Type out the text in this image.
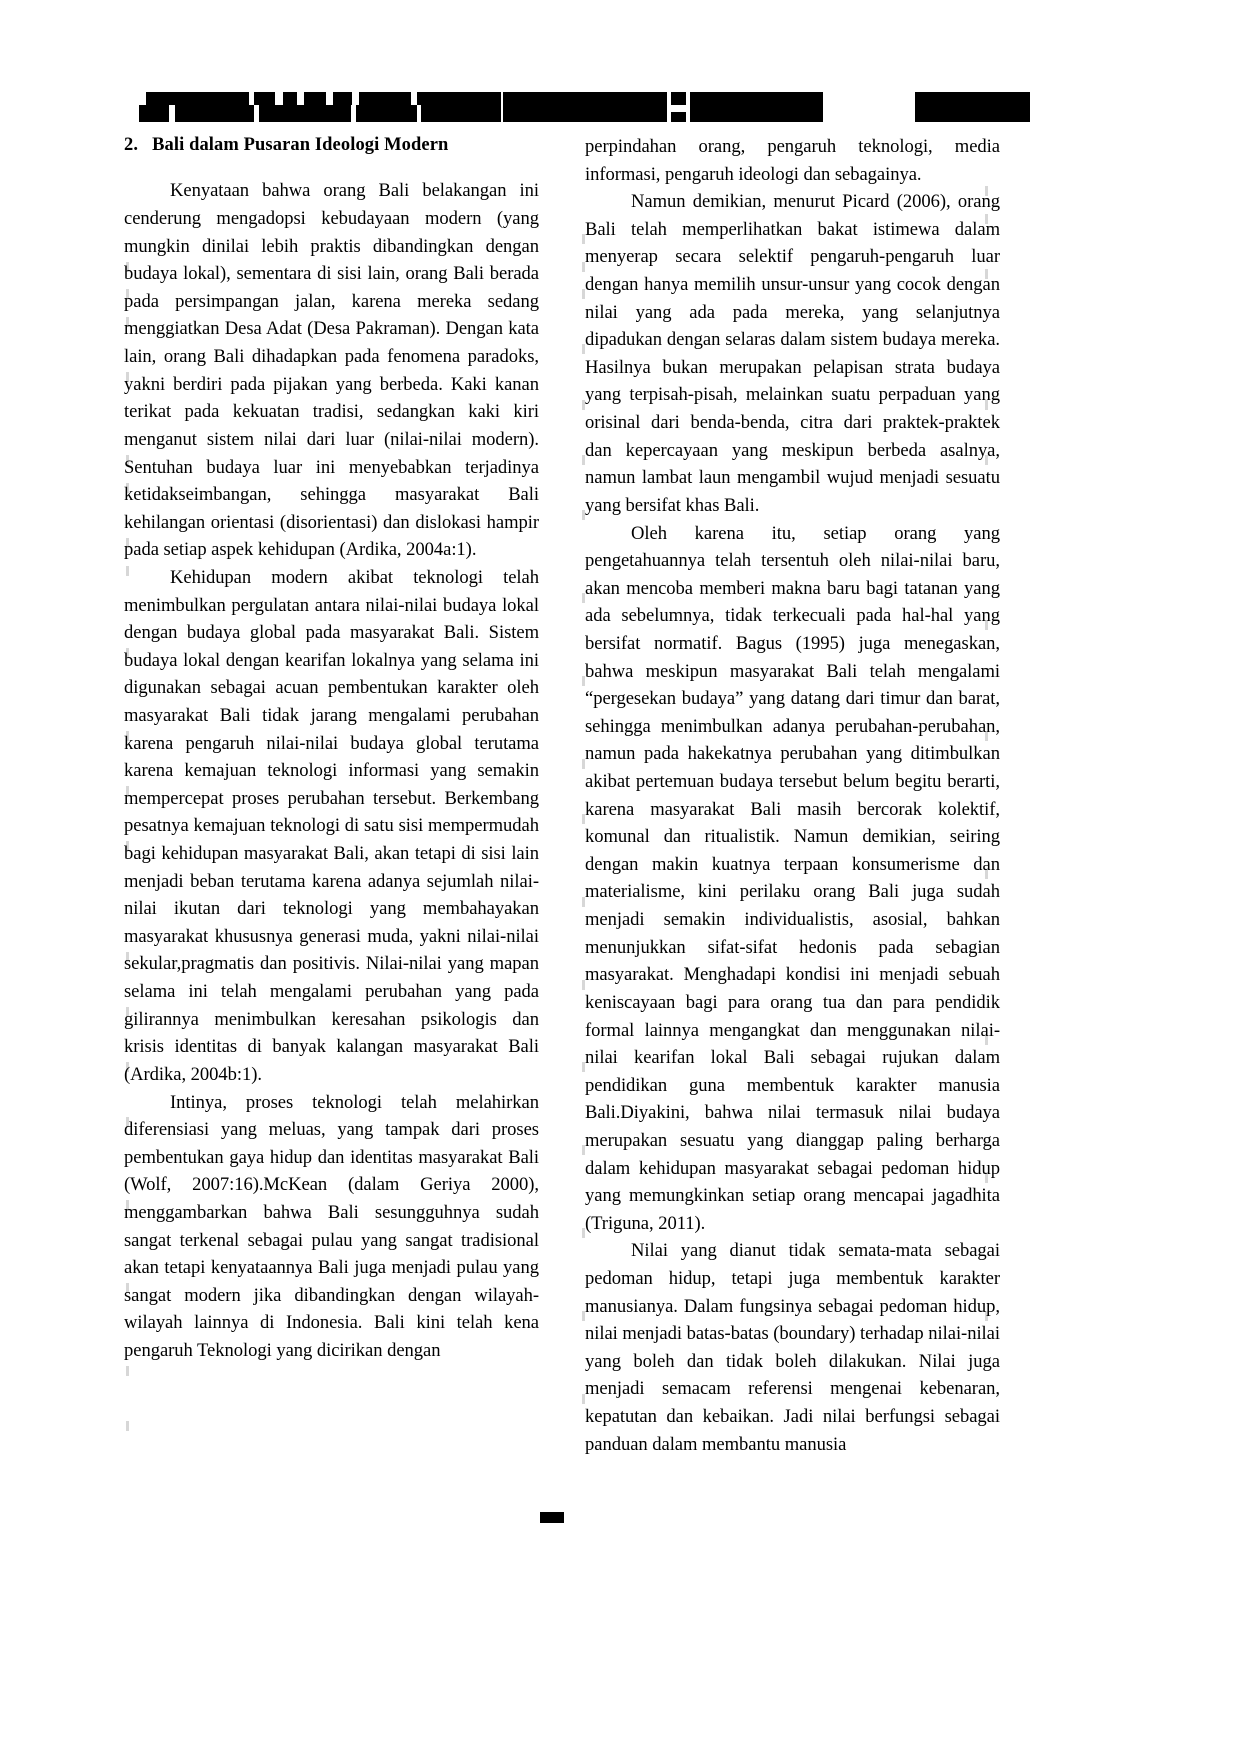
2. Bali dalam Pusaran Ideologi Modern

Kenyataan bahwa orang Bali belakangan ini cenderung mengadopsi kebudayaan modern (yang mungkin dinilai lebih praktis dibandingkan dengan budaya lokal), sementara di sisi lain, orang Bali berada pada persimpangan jalan, karena mereka sedang menggiatkan Desa Adat (Desa Pakraman). Dengan kata lain, orang Bali dihadapkan pada fenomena paradoks, yakni berdiri pada pijakan yang berbeda. Kaki kanan terikat pada kekuatan tradisi, sedangkan kaki kiri menganut sistem nilai dari luar (nilai-nilai modern). Sentuhan budaya luar ini menyebabkan terjadinya ketidakseimbangan, sehingga masyarakat Bali kehilangan orientasi (disorientasi) dan dislokasi hampir pada setiap aspek kehidupan (Ardika, 2004a:1).

Kehidupan modern akibat teknologi telah menimbulkan pergulatan antara nilai-nilai budaya lokal dengan budaya global pada masyarakat Bali. Sistem budaya lokal dengan kearifan lokalnya yang selama ini digunakan sebagai acuan pembentukan karakter oleh masyarakat Bali tidak jarang mengalami perubahan karena pengaruh nilai-nilai budaya global terutama karena kemajuan teknologi informasi yang semakin mempercepat proses perubahan tersebut. Berkembang pesatnya kemajuan teknologi di satu sisi mempermudah bagi kehidupan masyarakat Bali, akan tetapi di sisi lain menjadi beban terutama karena adanya sejumlah nilai-nilai ikutan dari teknologi yang membahayakan masyarakat khususnya generasi muda, yakni nilai-nilai sekular,pragmatis dan positivis. Nilai-nilai yang mapan selama ini telah mengalami perubahan yang pada gilirannya menimbulkan keresahan psikologis dan krisis identitas di banyak kalangan masyarakat Bali (Ardika, 2004b:1).

Intinya, proses teknologi telah melahirkan diferensiasi yang meluas, yang tampak dari proses pembentukan gaya hidup dan identitas masyarakat Bali (Wolf, 2007:16).McKean (dalam Geriya 2000), menggambarkan bahwa Bali sesungguhnya sudah sangat terkenal sebagai pulau yang sangat tradisional akan tetapi kenyataannya Bali juga menjadi pulau yang sangat modern jika dibandingkan dengan wilayah-wilayah lainnya di Indonesia. Bali kini telah kena pengaruh Teknologi yang dicirikan dengan

perpindahan orang, pengaruh teknologi, media informasi, pengaruh ideologi dan sebagainya.

Namun demikian, menurut Picard (2006), orang Bali telah memperlihatkan bakat istimewa dalam menyerap secara selektif pengaruh-pengaruh luar dengan hanya memilih unsur-unsur yang cocok dengan nilai yang ada pada mereka, yang selanjutnya dipadukan dengan selaras dalam sistem budaya mereka. Hasilnya bukan merupakan pelapisan strata budaya yang terpisah-pisah, melainkan suatu perpaduan yang orisinal dari benda-benda, citra dari praktek-praktek dan kepercayaan yang meskipun berbeda asalnya, namun lambat laun mengambil wujud menjadi sesuatu yang bersifat khas Bali.

Oleh karena itu, setiap orang yang pengetahuannya telah tersentuh oleh nilai-nilai baru, akan mencoba memberi makna baru bagi tatanan yang ada sebelumnya, tidak terkecuali pada hal-hal yang bersifat normatif. Bagus (1995) juga menegaskan, bahwa meskipun masyarakat Bali telah mengalami “pergesekan budaya” yang datang dari timur dan barat, sehingga menimbulkan adanya perubahan-perubahan, namun pada hakekatnya perubahan yang ditimbulkan akibat pertemuan budaya tersebut belum begitu berarti, karena masyarakat Bali masih bercorak kolektif, komunal dan ritualistik. Namun demikian, seiring dengan makin kuatnya terpaan konsumerisme dan materialisme, kini perilaku orang Bali juga sudah menjadi semakin individualistis, asosial, bahkan menunjukkan sifat-sifat hedonis pada sebagian masyarakat. Menghadapi kondisi ini menjadi sebuah keniscayaan bagi para orang tua dan para pendidik formal lainnya mengangkat dan menggunakan nilai-nilai kearifan lokal Bali sebagai rujukan dalam pendidikan guna membentuk karakter manusia Bali.Diyakini, bahwa nilai termasuk nilai budaya merupakan sesuatu yang dianggap paling berharga dalam kehidupan masyarakat sebagai pedoman hidup yang memungkinkan setiap orang mencapai jagadhita (Triguna, 2011).

Nilai yang dianut tidak semata-mata sebagai pedoman hidup, tetapi juga membentuk karakter manusianya. Dalam fungsinya sebagai pedoman hidup, nilai menjadi batas-batas (boundary) terhadap nilai-nilai yang boleh dan tidak boleh dilakukan. Nilai juga menjadi semacam referensi mengenai kebenaran, kepatutan dan kebaikan. Jadi nilai berfungsi sebagai panduan dalam membantu manusia
